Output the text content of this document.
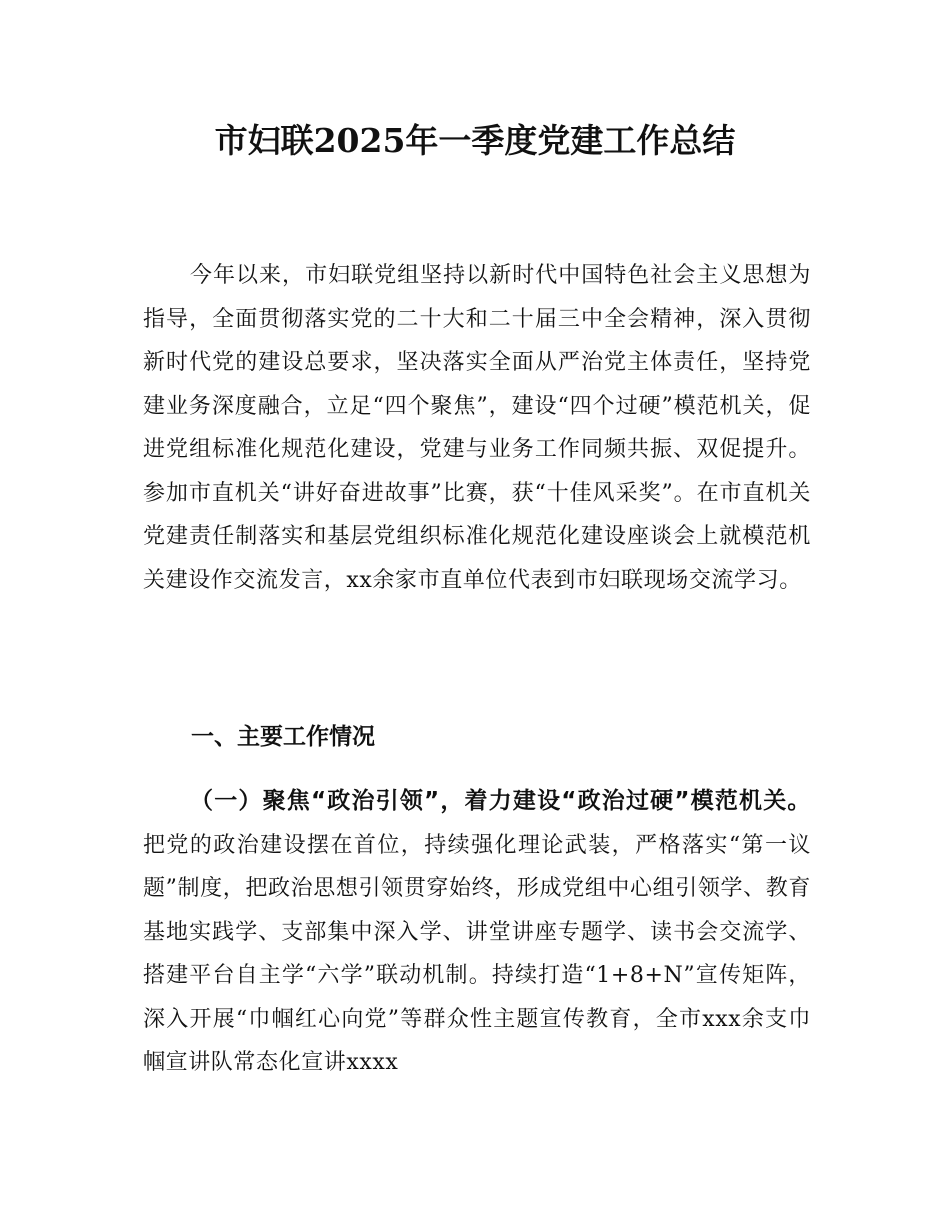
市妇联2025年一季度党建工作总结

今年以来，市妇联党组坚持以新时代中国特色社会主义思想为指导，全面贯彻落实党的二十大和二十届三中全会精神，深入贯彻新时代党的建设总要求，坚决落实全面从严治党主体责任，坚持党建业务深度融合，立足“四个聚焦”，建设“四个过硬”模范机关，促进党组标准化规范化建设，党建与业务工作同频共振、双促提升。参加市直机关“讲好奋进故事”比赛，获“十佳风采奖”。在市直机关党建责任制落实和基层党组织标准化规范化建设座谈会上就模范机关建设作交流发言，xx余家市直单位代表到市妇联现场交流学习。

一、主要工作情况

（一）聚焦“政治引领”，着力建设“政治过硬”模范机关。把党的政治建设摆在首位，持续强化理论武装，严格落实“第一议题”制度，把政治思想引领贯穿始终，形成党组中心组引领学、教育基地实践学、支部集中深入学、讲堂讲座专题学、读书会交流学、搭建平台自主学“六学”联动机制。持续打造“1+8+N”宣传矩阵，深入开展“巾帼红心向党”等群众性主题宣传教育，全市xxx余支巾帼宣讲队常态化宣讲xxxx
